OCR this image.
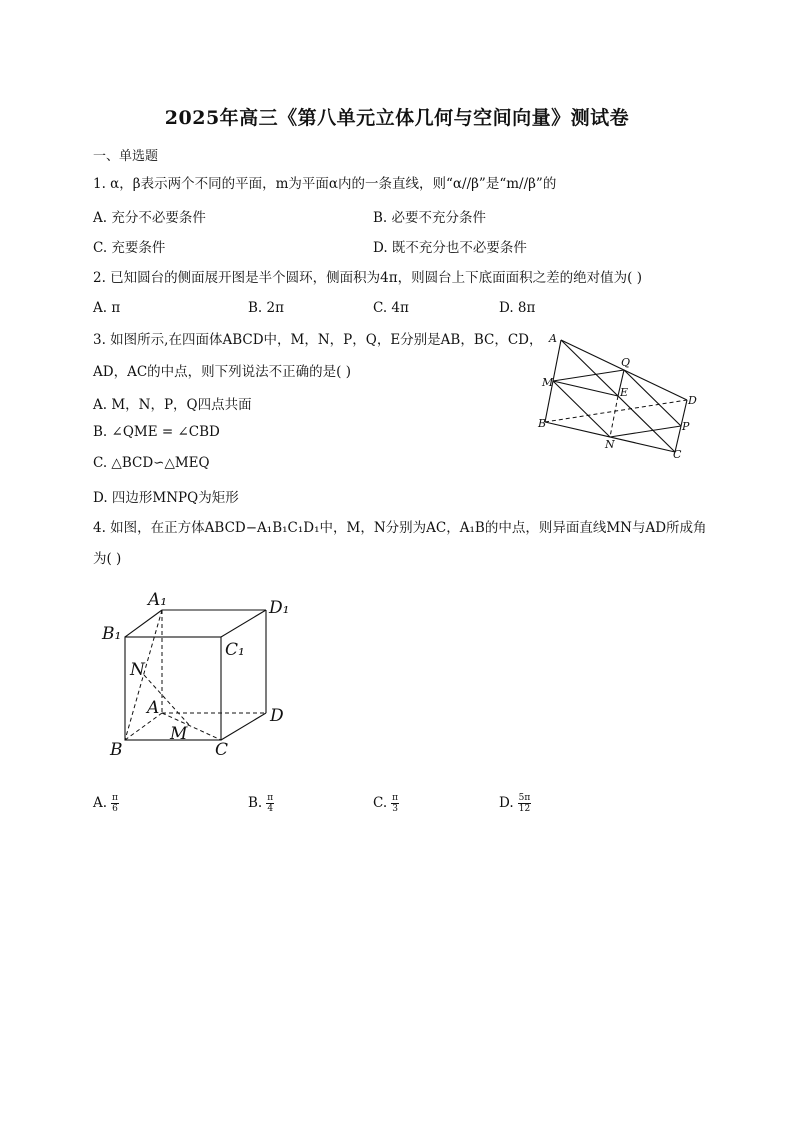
2025年高三《第八单元立体几何与空间向量》测试卷
一、单选题
1. α，β表示两个不同的平面，m为平面α内的一条直线，则“α//β”是“m//β”的
A. 充分不必要条件	B. 必要不充分条件
C. 充要条件	D. 既不充分也不必要条件
2. 已知圆台的侧面展开图是半个圆环，侧面积为4π，则圆台上下底面面积之差的绝对值为( )
A. π	B. 2π	C. 4π	D. 8π
3. 如图所示,在四面体ABCD中，M，N，P，Q，E分别是AB，BC，CD，
AD，AC的中点，则下列说法不正确的是( )
A. M，N，P，Q四点共面
B. ∠QME = ∠CBD
C. △BCD∽△MEQ
D. 四边形MNPQ为矩形
A
Q
M
E
D
B	P
N
C
4. 如图，在正方体ABCD−A₁B₁C₁D₁中，M，N分别为AC，A₁B的中点，则异面直线MN与AD所成角
为( )
A₁	D₁
B₁
C₁
N
A	D
B
M
C
A. $\frac{\pi}{6}$	B. $\frac{\pi}{4}$	C. $\frac{\pi}{3}$	D. $\frac{5\pi}{12}$
